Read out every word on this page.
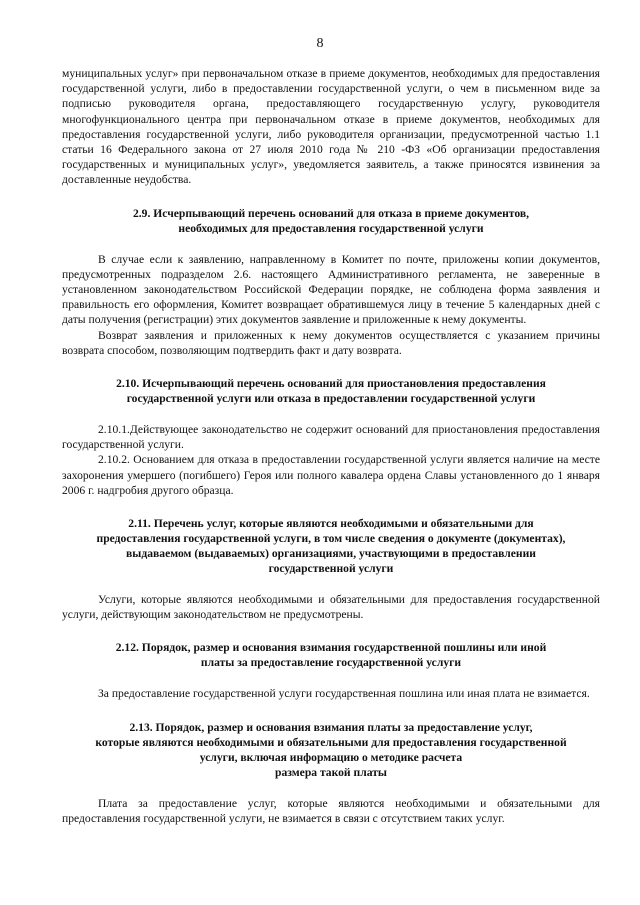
8

муниципальных услуг» при первоначальном отказе в приеме документов, необходимых для предоставления государственной услуги, либо в предоставлении государственной услуги, о чем в письменном виде за подписью руководителя органа, предоставляющего государственную услугу, руководителя многофункционального центра при первоначальном отказе в приеме документов, необходимых для предоставления государственной услуги, либо руководителя организации, предусмотренной частью 1.1 статьи 16 Федерального закона от 27 июля 2010 года № 210 -ФЗ «Об организации предоставления государственных и муниципальных услуг», уведомляется заявитель, а также приносятся извинения за доставленные неудобства.

2.9. Исчерпывающий перечень оснований для отказа в приеме документов,
необходимых для предоставления государственной услуги

В случае если к заявлению, направленному в Комитет по почте, приложены копии документов, предусмотренных подразделом 2.6. настоящего Административного регламента, не заверенные в установленном законодательством Российской Федерации порядке, не соблюдена форма заявления и правильность его оформления, Комитет возвращает обратившемуся лицу в течение 5 календарных дней с даты получения (регистрации) этих документов заявление и приложенные к нему документы.

Возврат заявления и приложенных к нему документов осуществляется с указанием причины возврата способом, позволяющим подтвердить факт и дату возврата.

2.10. Исчерпывающий перечень оснований для приостановления предоставления
государственной услуги или отказа в предоставлении государственной услуги

2.10.1.Действующее законодательство не содержит оснований для приостановления предоставления государственной услуги.

2.10.2. Основанием для отказа в предоставлении государственной услуги является наличие на месте захоронения умершего (погибшего) Героя или полного кавалера ордена Славы установленного до 1 января 2006 г. надгробия другого образца.

2.11. Перечень услуг, которые являются необходимыми и обязательными для
предоставления государственной услуги, в том числе сведения о документе (документах),
выдаваемом (выдаваемых) организациями, участвующими в предоставлении
государственной услуги

Услуги, которые являются необходимыми и обязательными для предоставления государственной услуги, действующим законодательством не предусмотрены.

2.12. Порядок, размер и основания взимания государственной пошлины или иной
платы за предоставление государственной услуги

За предоставление государственной услуги государственная пошлина или иная плата не взимается.

2.13. Порядок, размер и основания взимания платы за предоставление услуг,
которые являются необходимыми и обязательными для предоставления государственной
услуги, включая информацию о методике расчета
размера такой платы

Плата за предоставление услуг, которые являются необходимыми и обязательными для предоставления государственной услуги, не взимается в связи с отсутствием таких услуг.
